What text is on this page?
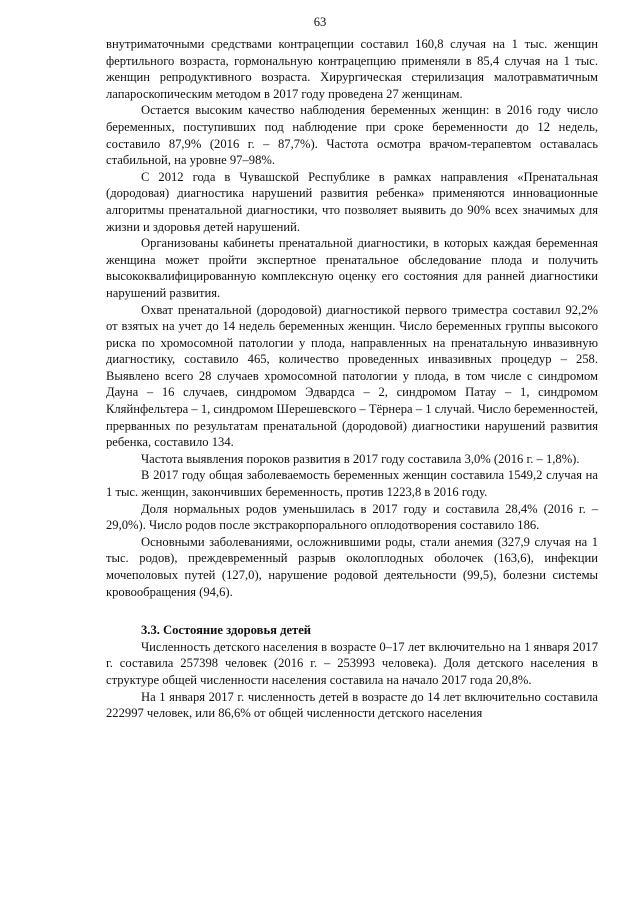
63

внутриматочными средствами контрацепции составил 160,8 случая на 1 тыс. женщин фертильного возраста, гормональную контрацепцию применяли в 85,4 случая на 1 тыс. женщин репродуктивного возраста. Хирургическая стерилизация малотравматичным лапароскопическим методом в 2017 году проведена 27 женщинам.

Остается высоким качество наблюдения беременных женщин: в 2016 году число беременных, поступивших под наблюдение при сроке беременности до 12 недель, составило 87,9% (2016 г. – 87,7%). Частота осмотра врачом-терапевтом оставалась стабильной, на уровне 97–98%.

С 2012 года в Чувашской Республике в рамках направления «Пренатальная (дородовая) диагностика нарушений развития ребенка» применяются инновационные алгоритмы пренатальной диагностики, что позволяет выявить до 90% всех значимых для жизни и здоровья детей нарушений.

Организованы кабинеты пренатальной диагностики, в которых каждая беременная женщина может пройти экспертное пренатальное обследование плода и получить высококвалифицированную комплексную оценку его состояния для ранней диагностики нарушений развития.

Охват пренатальной (дородовой) диагностикой первого триместра составил 92,2% от взятых на учет до 14 недель беременных женщин. Число беременных группы высокого риска по хромосомной патологии у плода, направленных на пренатальную инвазивную диагностику, составило 465, количество проведенных инвазивных процедур – 258. Выявлено всего 28 случаев хромосомной патологии у плода, в том числе с синдромом Дауна – 16 случаев, синдромом Эдвардса – 2, синдромом Патау – 1, синдромом Кляйнфельтера – 1, синдромом Шерешевского – Тёрнера – 1 случай. Число беременностей, прерванных по результатам пренатальной (дородовой) диагностики нарушений развития ребенка, составило 134.

Частота выявления пороков развития в 2017 году составила 3,0% (2016 г. – 1,8%).

В 2017 году общая заболеваемость беременных женщин составила 1549,2 случая на 1 тыс. женщин, закончивших беременность, против 1223,8 в 2016 году.

Доля нормальных родов уменьшилась в 2017 году и составила 28,4% (2016 г. – 29,0%). Число родов после экстракорпорального оплодотворения составило 186.

Основными заболеваниями, осложнившими роды, стали анемия (327,9 случая на 1 тыс. родов), преждевременный разрыв околоплодных оболочек (163,6), инфекции мочеполовых путей (127,0), нарушение родовой деятельности (99,5), болезни системы кровообращения (94,6).

3.3. Состояние здоровья детей

Численность детского населения в возрасте 0–17 лет включительно на 1 января 2017 г. составила 257398 человек (2016 г. – 253993 человека). Доля детского населения в структуре общей численности населения составила на начало 2017 года 20,8%.

На 1 января 2017 г. численность детей в возрасте до 14 лет включительно составила 222997 человек, или 86,6% от общей численности детского населения
